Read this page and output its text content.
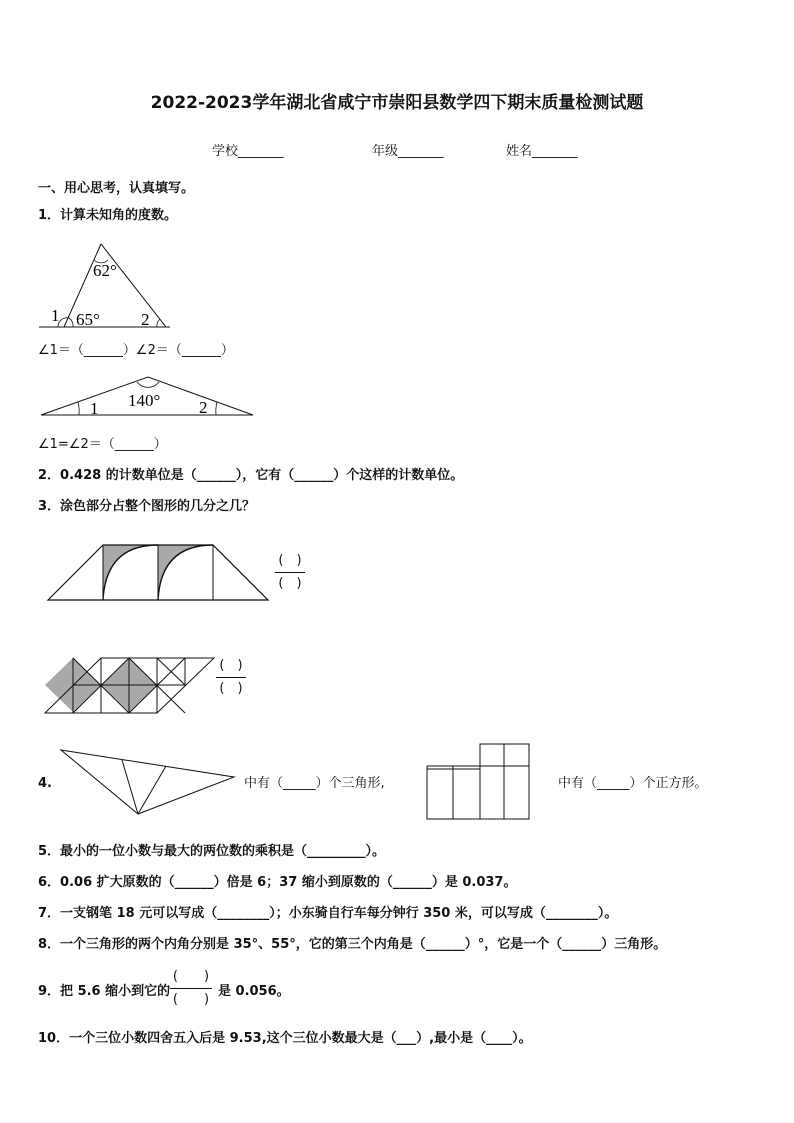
2022-2023学年湖北省咸宁市崇阳县数学四下期末质量检测试题
学校_______	年级_______	姓名_______
一、用心思考，认真填写。
1．计算未知角的度数。
62°
65°
1	2
∠1＝（______）∠2＝（______）
140°
1	2
∠1=∠2＝（______）
2．0.428 的计数单位是（______），它有（______）个这样的计数单位。
3．涂色部分占整个图形的几分之几？
(　)
(　)
(　)
(　)
4.	中有（_____）个三角形,	中有（_____）个正方形。
5．最小的一位小数与最大的两位数的乘积是（_________）。
6．0.06 扩大原数的（______）倍是 6；37 缩小到原数的（______）是 0.037。
7．一支钢笔 18 元可以写成（________）；小东骑自行车每分钟行 350 米，可以写成（________）。
8．一个三角形的两个内角分别是 35°、55°，它的第三个内角是（______）°，它是一个（______）三角形。
9．把 5.6 缩小到它的
(　　)
(　　)
是 0.056。
10．一个三位小数四舍五入后是 9.53,这个三位小数最大是（___）,最小是（____）。
